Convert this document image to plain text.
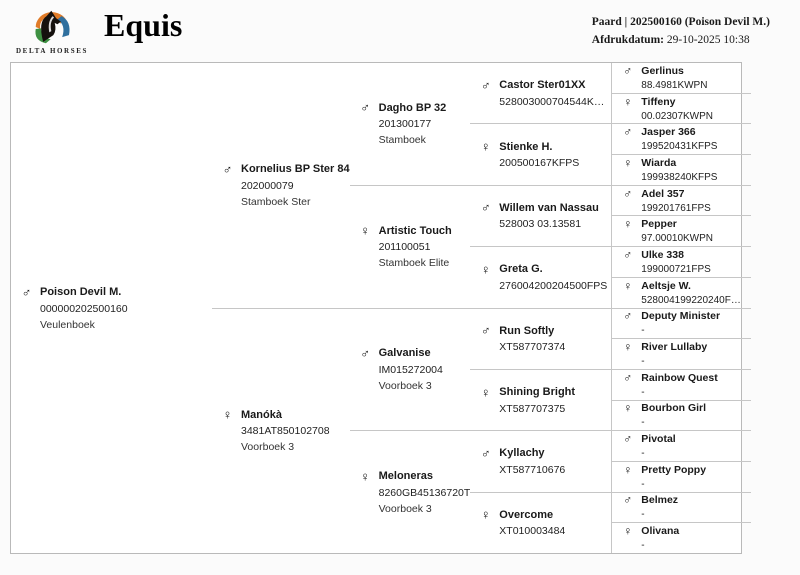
DELTA HORSES
Equis	Paard | 202500160 (Poison Devil M.)
Afdrukdatum: 29-10-2025 10:38
♂ Poison Devil M.
000000202500160
Veulenboek
♂ Kornelius BP Ster 84
202000079
Stamboek Ster
♀ Manókà
3481AT850102708
Voorboek 3
♂ Dagho BP 32
201300177
Stamboek
♀ Artistic Touch
201100051
Stamboek Elite
♂ Galvanise
IM015272004
Voorboek 3
♀ Meloneras
8260GB45136720T
Voorboek 3
♂ Castor Ster01XX
528003000704544K…
♀ Stienke H.
200500167KFPS
♂ Willem van Nassau
528003 03.13581
♀ Greta G.
276004200204500FPS
♂ Run Softly
XT587707374
♀ Shining Bright
XT587707375
♂ Kyllachy
XT587710676
♀ Overcome
XT010003484
♂ Gerlinus
88.4981KWPN
♀ Tiffeny
00.02307KWPN
♂ Jasper 366
199520431KFPS
♀ Wiarda
199938240KFPS
♂ Adel 357
199201761FPS
♀ Pepper
97.00010KWPN
♂ Ulke 338
199000721FPS
♀ Aeltsje W.
528004199220240F…
♂ Deputy Minister
-
♀ River Lullaby
-
♂ Rainbow Quest
-
♀ Bourbon Girl
-
♂ Pivotal
-
♀ Pretty Poppy
-
♂ Belmez
-
♀ Olivana
-
